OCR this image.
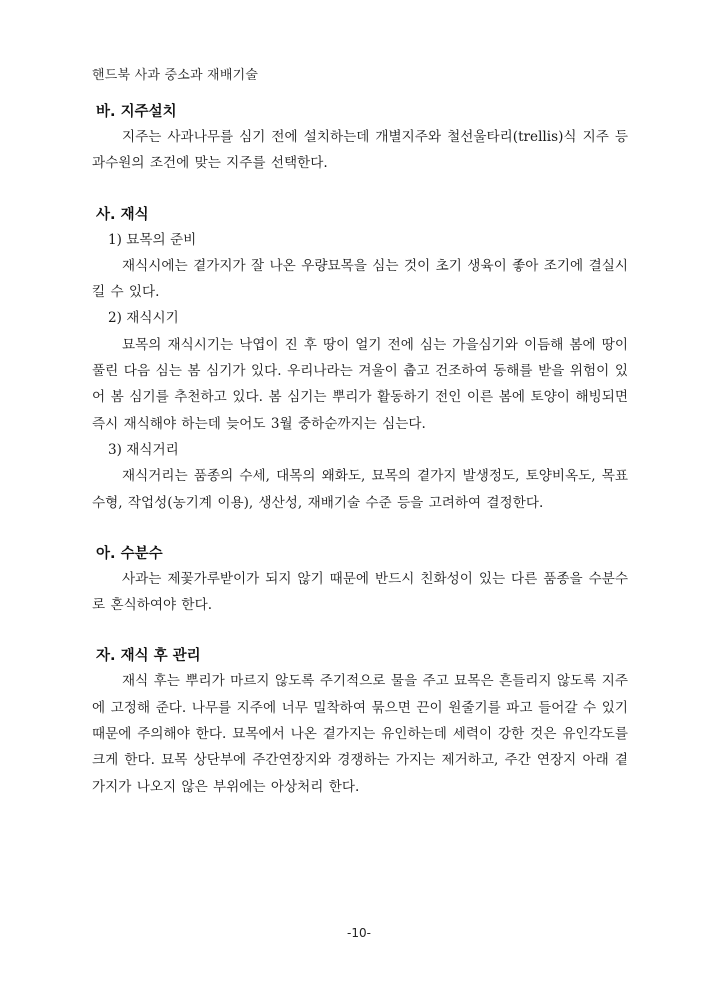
핸드북 사과 중소과 재배기술
바. 지주설치

지주는 사과나무를 심기 전에 설치하는데 개별지주와 철선울타리(trellis)식 지주 등 과수원의 조건에 맞는 지주를 선택한다.

사. 재식

1) 묘목의 준비

재식시에는 곁가지가 잘 나온 우량묘목을 심는 것이 초기 생육이 좋아 조기에 결실시킬 수 있다.

2) 재식시기

묘목의 재식시기는 낙엽이 진 후 땅이 얼기 전에 심는 가을심기와 이듬해 봄에 땅이 풀린 다음 심는 봄 심기가 있다. 우리나라는 겨울이 춥고 건조하여 동해를 받을 위험이 있어 봄 심기를 추천하고 있다. 봄 심기는 뿌리가 활동하기 전인 이른 봄에 토양이 해빙되면 즉시 재식해야 하는데 늦어도 3월 중하순까지는 심는다.

3) 재식거리

재식거리는 품종의 수세, 대목의 왜화도, 묘목의 곁가지 발생정도, 토양비옥도, 목표 수형, 작업성(농기계 이용), 생산성, 재배기술 수준 등을 고려하여 결정한다.

아. 수분수

사과는 제꽃가루받이가 되지 않기 때문에 반드시 친화성이 있는 다른 품종을 수분수로 혼식하여야 한다.

자. 재식 후 관리

재식 후는 뿌리가 마르지 않도록 주기적으로 물을 주고 묘목은 흔들리지 않도록 지주에 고정해 준다. 나무를 지주에 너무 밀착하여 묶으면 끈이 원줄기를 파고 들어갈 수 있기 때문에 주의해야 한다. 묘목에서 나온 곁가지는 유인하는데 세력이 강한 것은 유인각도를 크게 한다. 묘목 상단부에 주간연장지와 경쟁하는 가지는 제거하고, 주간 연장지 아래 곁가지가 나오지 않은 부위에는 아상처리 한다.

-10-
